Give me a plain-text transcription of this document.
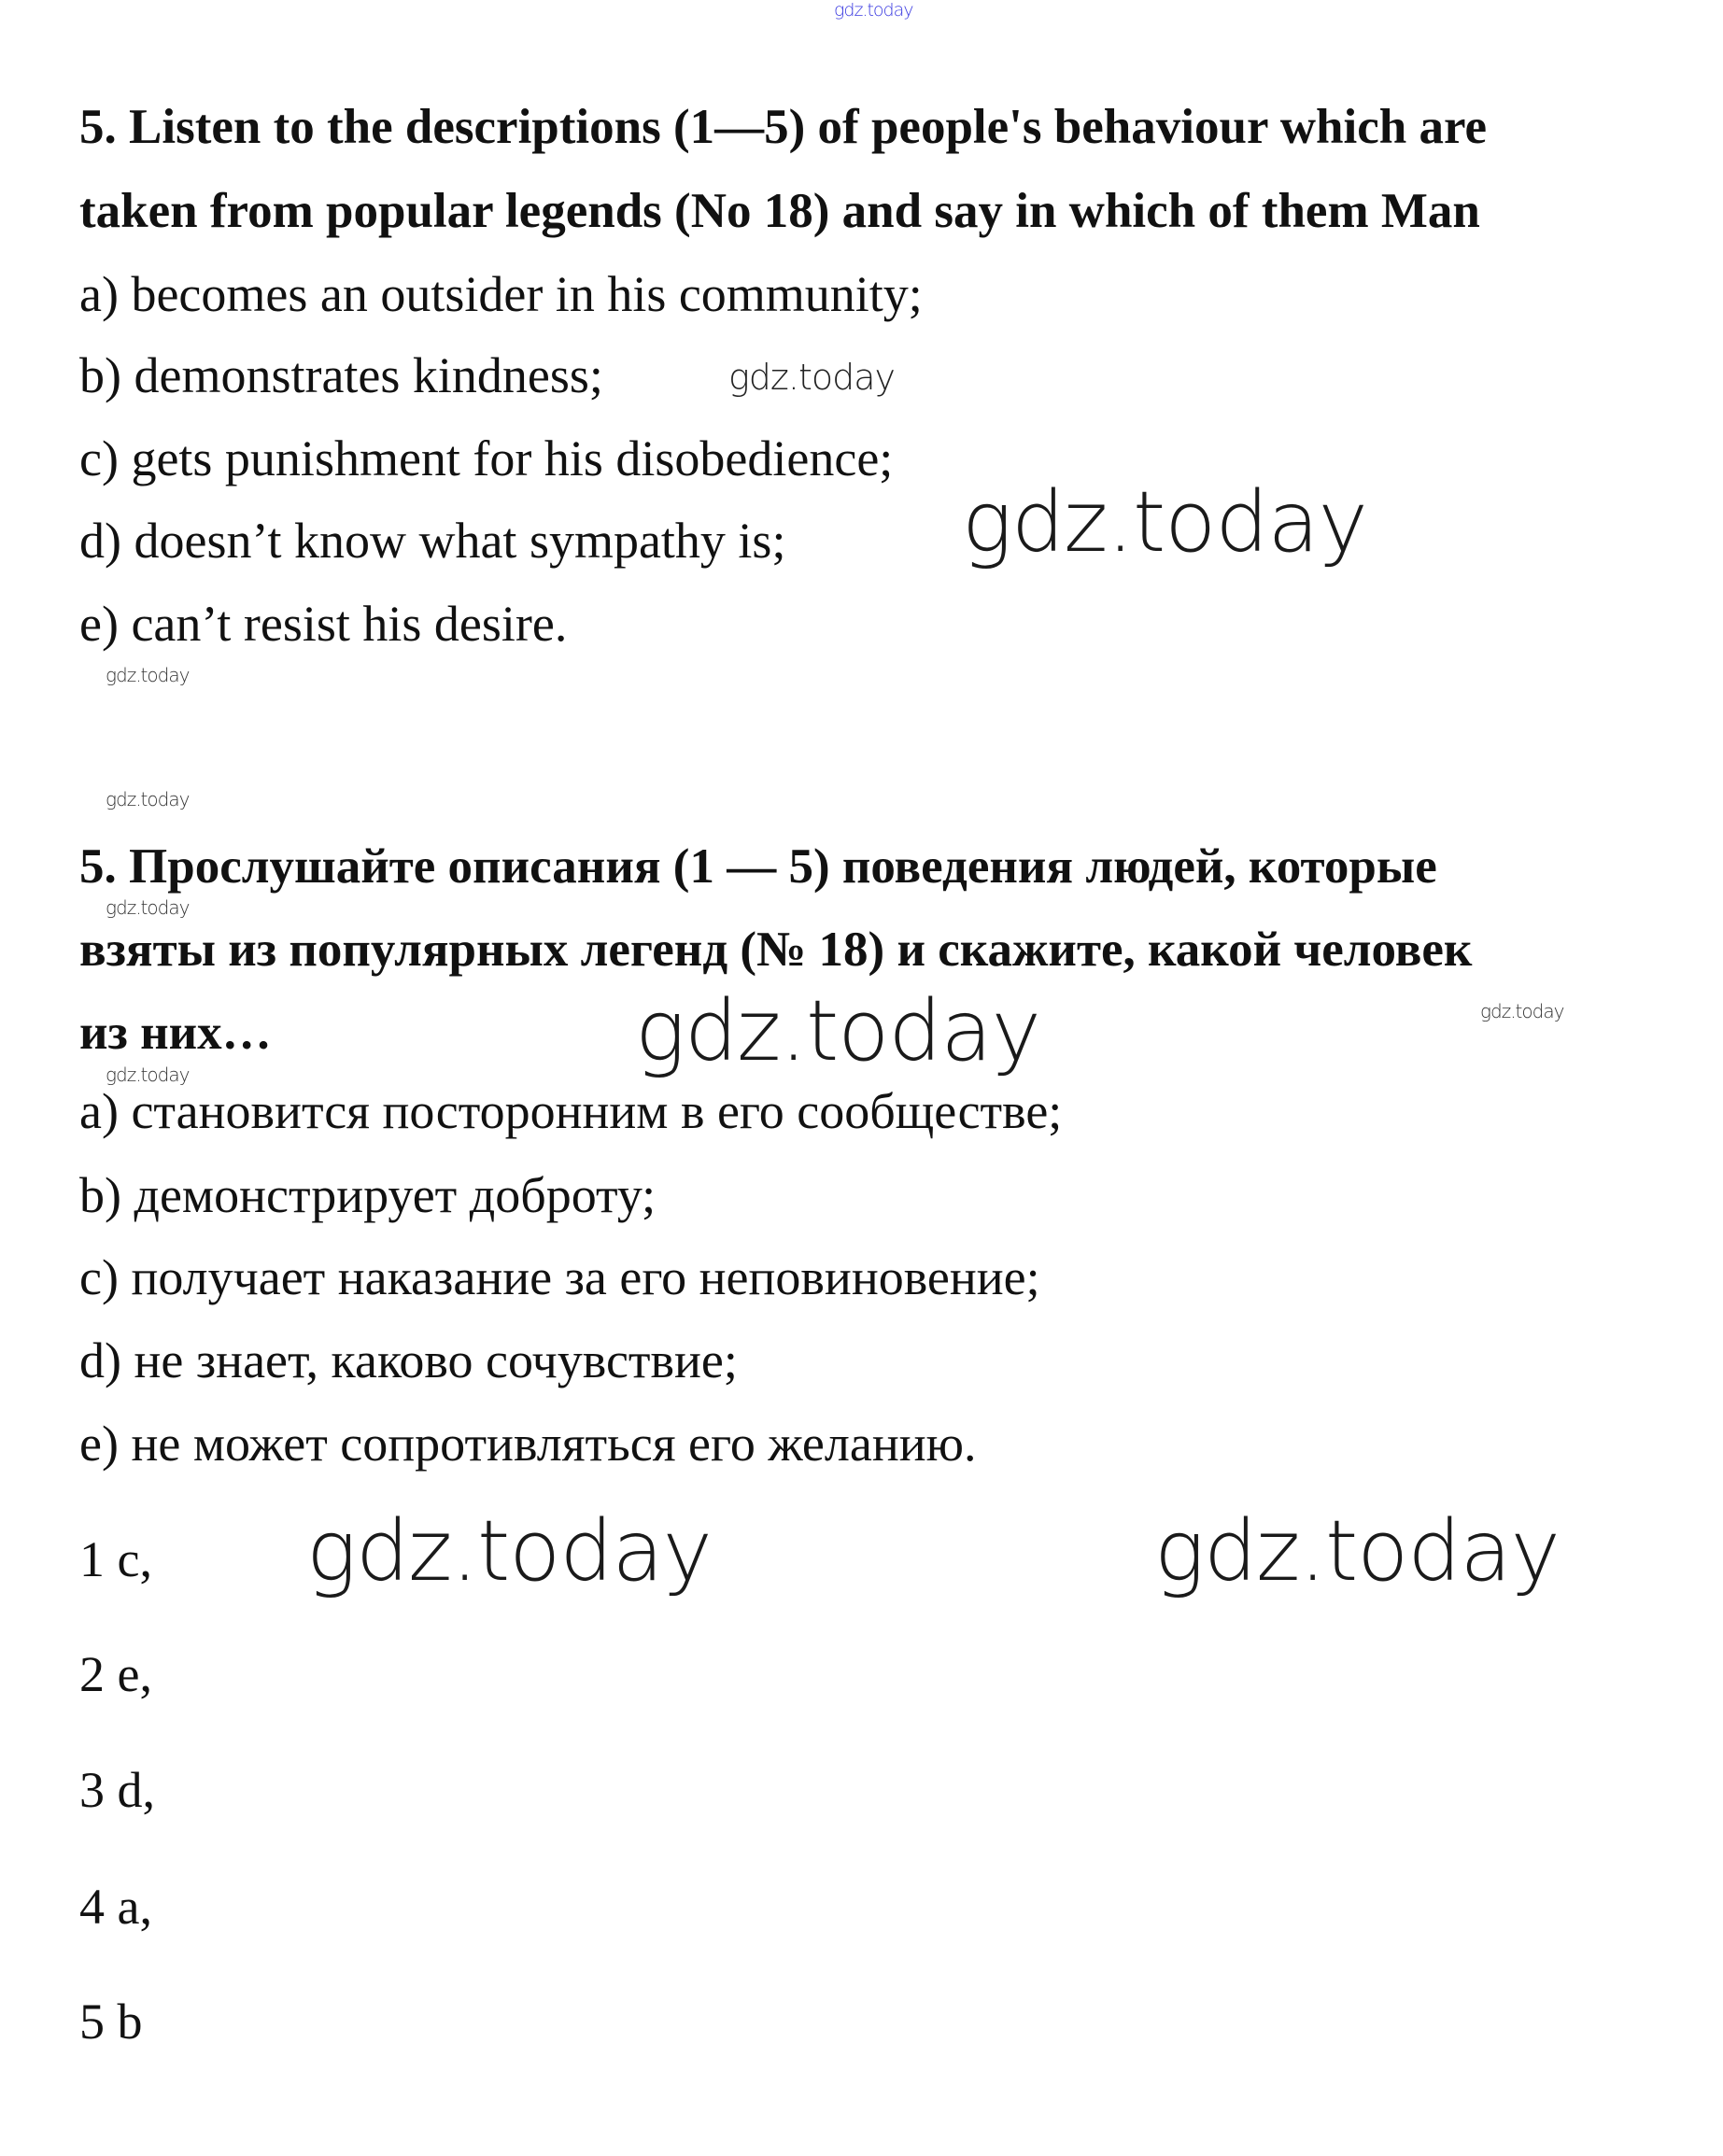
gdz.today
5. Listen to the descriptions (1—5) of people's behaviour which are
taken from popular legends (No 18) and say in which of them Man
a) becomes an outsider in his community;
b) demonstrates kindness;
c) gets punishment for his disobedience;
d) doesn’t know what sympathy is;
e) can’t resist his desire.
gdz.today
gdz.today
gdz.today
gdz.today
5. Прослушайте описания (1 — 5) поведения людей, которые
gdz.today
взяты из популярных легенд (№ 18) и скажите, какой человек
gdz.today
из них…	gdz.today
gdz.today
a) становится посторонним в его сообществе;
b) демонстрирует доброту;
c) получает наказание за его неповиновение;
d) не знает, каково сочувствие;
e) не может сопротивляться его желанию.
1 c, gdz.today	gdz.today
2 e,
3 d,
4 a,
5 b
